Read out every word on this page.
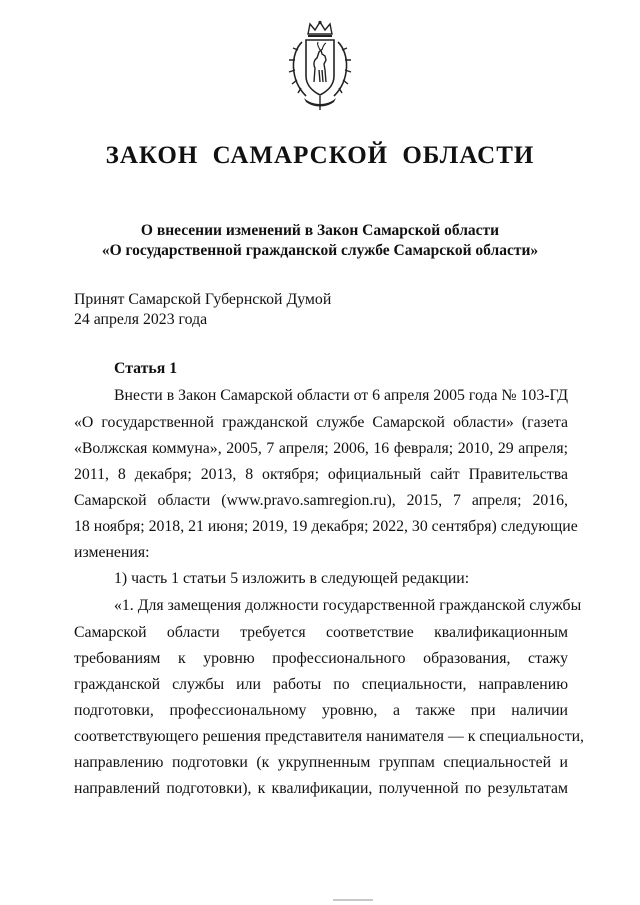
ЗАКОН САМАРСКОЙ ОБЛАСТИ

О внесении изменений в Закон Самарской области

«О государственной гражданской службе Самарской области»

Принят Самарской Губернской Думой

24 апреля 2023 года

Статья 1

Внести в Закон Самарской области от 6 апреля 2005 года № 103-ГД

«О государственной гражданской службе Самарской области» (газета

«Волжская коммуна», 2005, 7 апреля; 2006, 16 февраля; 2010, 29 апреля;

2011, 8 декабря; 2013, 8 октября; официальный сайт Правительства

Самарской области (www.pravo.samregion.ru), 2015, 7 апреля; 2016,

18 ноября; 2018, 21 июня; 2019, 19 декабря; 2022, 30 сентября) следующие

изменения:

1) часть 1 статьи 5 изложить в следующей редакции:

«1. Для замещения должности государственной гражданской службы

Самарской области требуется соответствие квалификационным

требованиям к уровню профессионального образования, стажу

гражданской службы или работы по специальности, направлению

подготовки, профессиональному уровню, а также при наличии

соответствующего решения представителя нанимателя — к специальности,

направлению подготовки (к укрупненным группам специальностей и

направлений подготовки), к квалификации, полученной по результатам
